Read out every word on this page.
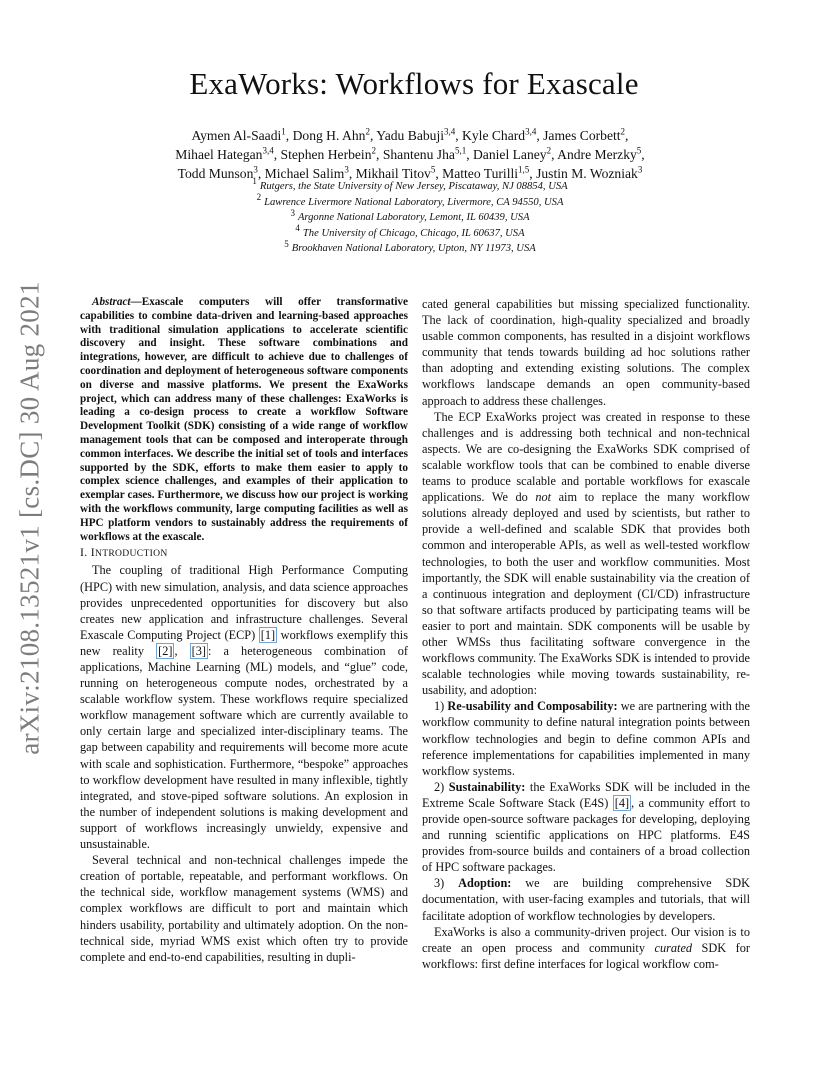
arXiv:2108.13521v1 [cs.DC] 30 Aug 2021
ExaWorks: Workflows for Exascale
Aymen Al-Saadi$^1$, Dong H. Ahn$^2$, Yadu Babuji$^{3,4}$, Kyle Chard$^{3,4}$, James Corbett$^2$,
Mihael Hategan$^{3,4}$, Stephen Herbein$^2$, Shantenu Jha$^{5,1}$, Daniel Laney$^2$, Andre Merzky$^5$,
Todd Munson$^3$, Michael Salim$^3$, Mikhail Titov$^5$, Matteo Turilli$^{1,5}$, Justin M. Wozniak$^3$
$^1$ Rutgers, the State University of New Jersey, Piscataway, NJ 08854, USA
$^2$ Lawrence Livermore National Laboratory, Livermore, CA 94550, USA
$^3$ Argonne National Laboratory, Lemont, IL 60439, USA
$^4$ The University of Chicago, Chicago, IL 60637, USA
$^5$ Brookhaven National Laboratory, Upton, NY 11973, USA

Abstract—Exascale computers will offer transformative capabilities to combine data-driven and learning-based approaches with traditional simulation applications to accelerate scientific discovery and insight. These software combinations and integrations, however, are difficult to achieve due to challenges of coordination and deployment of heterogeneous software components on diverse and massive platforms. We present the ExaWorks project, which can address many of these challenges: ExaWorks is leading a co-design process to create a workflow Software Development Toolkit (SDK) consisting of a wide range of workflow management tools that can be composed and interoperate through common interfaces. We describe the initial set of tools and interfaces supported by the SDK, efforts to make them easier to apply to complex science challenges, and examples of their application to exemplar cases. Furthermore, we discuss how our project is working with the workflows community, large computing facilities as well as HPC platform vendors to sustainably address the requirements of workflows at the exascale.

I. INTRODUCTION

The coupling of traditional High Performance Computing (HPC) with new simulation, analysis, and data science approaches provides unprecedented opportunities for discovery but also creates new application and infrastructure challenges. Several Exascale Computing Project (ECP) [1] workflows exemplify this new reality [2] , [3] : a heterogeneous combination of applications, Machine Learning (ML) models, and “glue” code, running on heterogeneous compute nodes, orchestrated by a scalable workflow system. These workflows require specialized workflow management software which are currently available to only certain large and specialized inter-disciplinary teams. The gap between capability and requirements will become more acute with scale and sophistication. Furthermore, “bespoke” approaches to workflow development have resulted in many inflexible, tightly integrated, and stove-piped software solutions. An explosion in the number of independent solutions is making development and support of workflows increasingly unwieldy, expensive and unsustainable.

Several technical and non-technical challenges impede the creation of portable, repeatable, and performant workflows. On the technical side, workflow management systems (WMS) and complex workflows are difficult to port and maintain which hinders usability, portability and ultimately adoption. On the non-technical side, myriad WMS exist which often try to provide complete and end-to-end capabilities, resulting in dupli-

cated general capabilities but missing specialized functionality. The lack of coordination, high-quality specialized and broadly usable common components, has resulted in a disjoint workflows community that tends towards building ad hoc solutions rather than adopting and extending existing solutions. The complex workflows landscape demands an open community-based approach to address these challenges.

The ECP ExaWorks project was created in response to these challenges and is addressing both technical and non-technical aspects. We are co-designing the ExaWorks SDK comprised of scalable workflow tools that can be combined to enable diverse teams to produce scalable and portable workflows for exascale applications. We do not aim to replace the many workflow solutions already deployed and used by scientists, but rather to provide a well-defined and scalable SDK that provides both common and interoperable APIs, as well as well-tested workflow technologies, to both the user and workflow communities. Most importantly, the SDK will enable sustainability via the creation of a continuous integration and deployment (CI/CD) infrastructure so that software artifacts produced by participating teams will be easier to port and maintain. SDK components will be usable by other WMSs thus facilitating software convergence in the workflows community. The ExaWorks SDK is intended to provide scalable technologies while moving towards sustainability, re-usability, and adoption:

1) Re-usability and Composability: we are partnering with the workflow community to define natural integration points between workflow technologies and begin to define common APIs and reference implementations for capabilities implemented in many workflow systems.

2) Sustainability: the ExaWorks SDK will be included in the Extreme Scale Software Stack (E4S) [4] , a community effort to provide open-source software packages for developing, deploying and running scientific applications on HPC platforms. E4S provides from-source builds and containers of a broad collection of HPC software packages.

3) Adoption: we are building comprehensive SDK documentation, with user-facing examples and tutorials, that will facilitate adoption of workflow technologies by developers.

ExaWorks is also a community-driven project. Our vision is to create an open process and community curated SDK for workflows: first define interfaces for logical workflow com-
